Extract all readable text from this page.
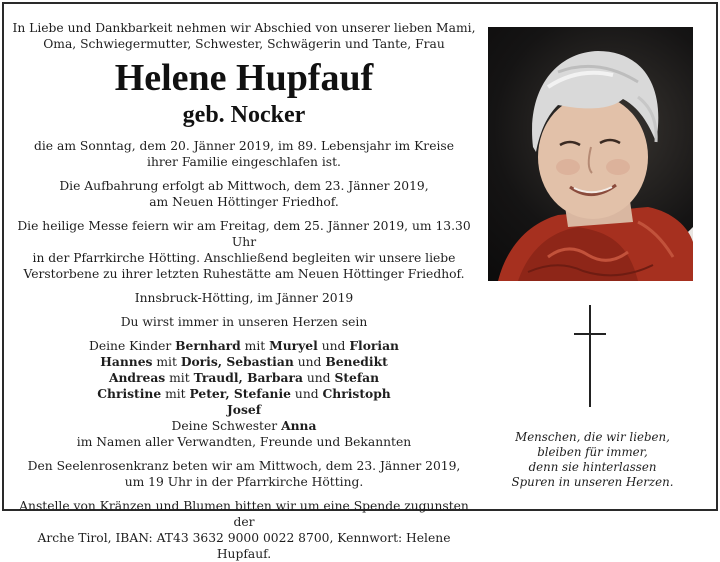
In Liebe und Dankbarkeit nehmen wir Abschied von unserer lieben Mami,
Oma, Schwiegermutter, Schwester, Schwägerin und Tante, Frau

Helene Hupfauf

geb. Nocker

die am Sonntag, dem 20. Jänner 2019, im 89. Lebensjahr im Kreise
ihrer Familie eingeschlafen ist.

Die Aufbahrung erfolgt ab Mittwoch, dem 23. Jänner 2019,
am Neuen Höttinger Friedhof.

Die heilige Messe feiern wir am Freitag, dem 25. Jänner 2019, um 13.30 Uhr
in der Pfarrkirche Hötting. Anschließend begleiten wir unsere liebe
Verstorbene zu ihrer letzten Ruhestätte am Neuen Höttinger Friedhof.

Innsbruck-Hötting, im Jänner 2019

Du wirst immer in unseren Herzen sein

Deine Kinder Bernhard mit Muryel und Florian
Hannes mit Doris, Sebastian und Benedikt
Andreas mit Traudl, Barbara und Stefan
Christine mit Peter, Stefanie und Christoph
Josef
Deine Schwester Anna
im Namen aller Verwandten, Freunde und Bekannten

Den Seelenrosenkranz beten wir am Mittwoch, dem 23. Jänner 2019,
um 19 Uhr in der Pfarrkirche Hötting.

Anstelle von Kränzen und Blumen bitten wir um eine Spende zugunsten der
Arche Tirol, IBAN: AT43 3632 9000 0022 8700, Kennwort: Helene Hupfauf.

Menschen, die wir lieben,

bleiben für immer,

denn sie hinterlassen

Spuren in unseren Herzen.
